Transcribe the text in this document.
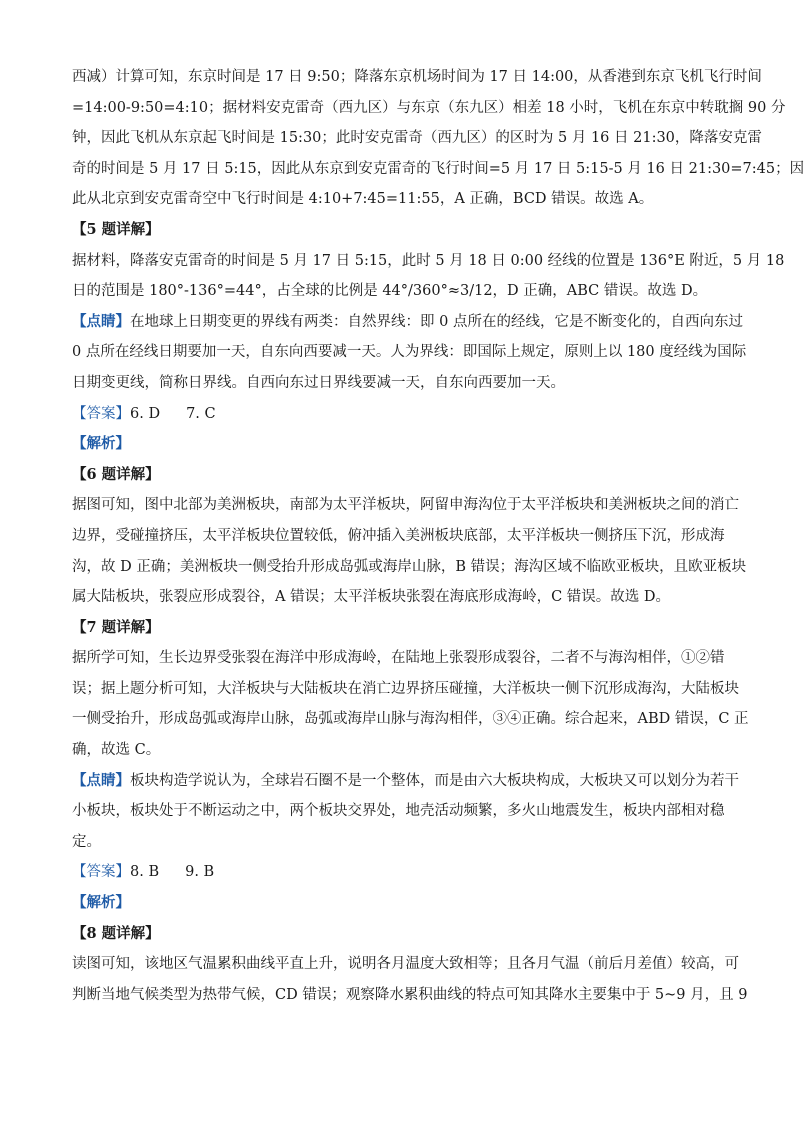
西减）计算可知，东京时间是 17 日 9:50；降落东京机场时间为 17 日 14:00，从香港到东京飞机飞行时间
=14:00-9:50=4:10；据材料安克雷奇（西九区）与东京（东九区）相差 18 小时，飞机在东京中转耽搁 90 分
钟，因此飞机从东京起飞时间是 15:30；此时安克雷奇（西九区）的区时为 5 月 16 日 21:30，降落安克雷
奇的时间是 5 月 17 日 5:15，因此从东京到安克雷奇的飞行时间=5 月 17 日 5:15-5 月 16 日 21:30=7:45；因
此从北京到安克雷奇空中飞行时间是 4:10+7:45=11:55，A 正确，BCD 错误。故选 A。
【5 题详解】
据材料，降落安克雷奇的时间是 5 月 17 日 5:15，此时 5 月 18 日 0:00 经线的位置是 136°E 附近，5 月 18
日的范围是 180°-136°=44°，占全球的比例是 44°/360°≈3/12，D 正确，ABC 错误。故选 D。
【点睛】在地球上日期变更的界线有两类：自然界线：即 0 点所在的经线，它是不断变化的，自西向东过
0 点所在经线日期要加一天，自东向西要减一天。人为界线：即国际上规定，原则上以 180 度经线为国际
日期变更线，简称日界线。自西向东过日界线要减一天，自东向西要加一天。
【答案】6. D 7. C
【解析】
【6 题详解】
据图可知，图中北部为美洲板块，南部为太平洋板块，阿留申海沟位于太平洋板块和美洲板块之间的消亡
边界，受碰撞挤压，太平洋板块位置较低，俯冲插入美洲板块底部，太平洋板块一侧挤压下沉，形成海
沟，故 D 正确；美洲板块一侧受抬升形成岛弧或海岸山脉，B 错误；海沟区域不临欧亚板块，且欧亚板块
属大陆板块，张裂应形成裂谷，A 错误；太平洋板块张裂在海底形成海岭，C 错误。故选 D。
【7 题详解】
据所学可知，生长边界受张裂在海洋中形成海岭，在陆地上张裂形成裂谷，二者不与海沟相伴，①②错
误；据上题分析可知，大洋板块与大陆板块在消亡边界挤压碰撞，大洋板块一侧下沉形成海沟，大陆板块
一侧受抬升，形成岛弧或海岸山脉，岛弧或海岸山脉与海沟相伴，③④正确。综合起来，ABD 错误，C 正
确，故选 C。
【点睛】板块构造学说认为，全球岩石圈不是一个整体，而是由六大板块构成，大板块又可以划分为若干
小板块，板块处于不断运动之中，两个板块交界处，地壳活动频繁，多火山地震发生，板块内部相对稳
定。
【答案】8. B 9. B
【解析】
【8 题详解】
读图可知，该地区气温累积曲线平直上升，说明各月温度大致相等；且各月气温（前后月差值）较高，可
判断当地气候类型为热带气候，CD 错误；观察降水累积曲线的特点可知其降水主要集中于 5~9 月，且 9
